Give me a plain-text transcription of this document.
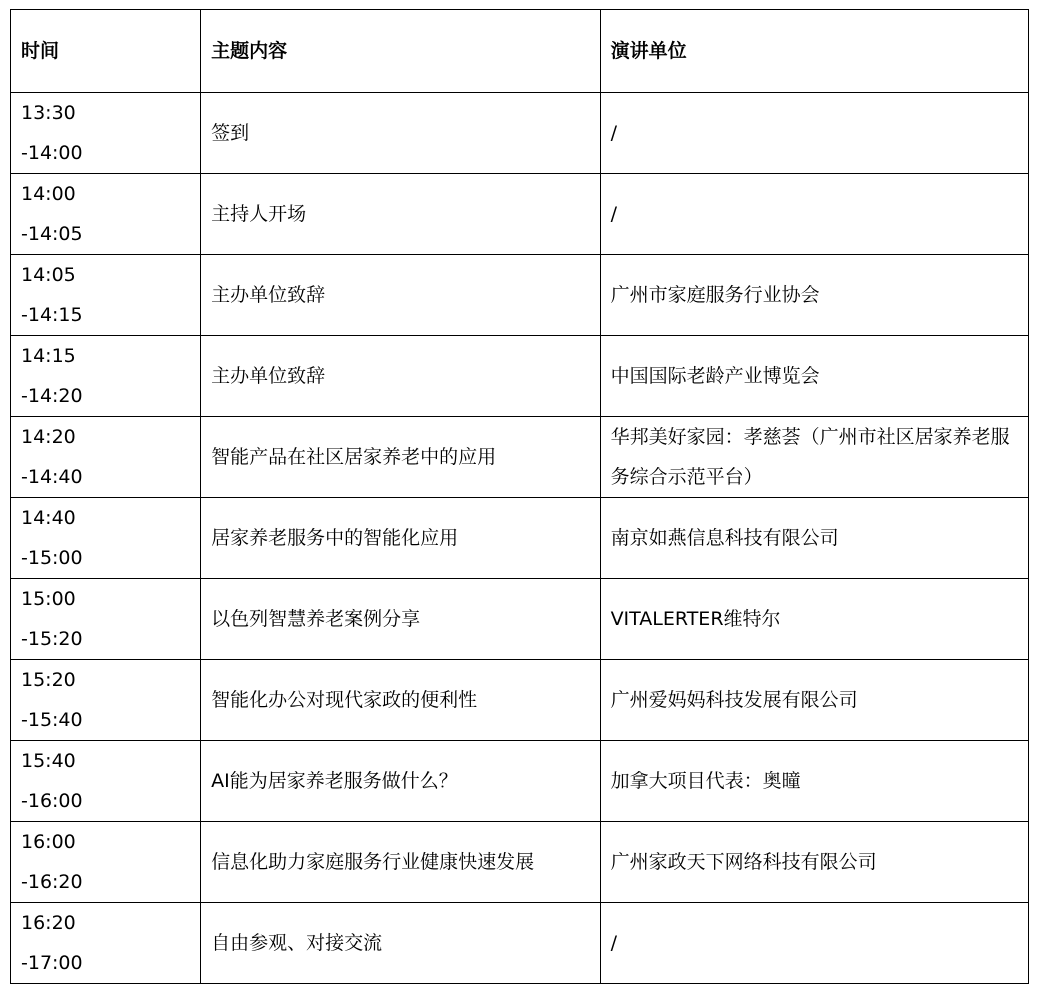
时间	主题内容	演讲单位

13:30
-14:00	签到	/

14:00
-14:05	主持人开场	/

14:05
-14:15	主办单位致辞	广州市家庭服务行业协会

14:15
-14:20	主办单位致辞	中国国际老龄产业博览会

14:20
-14:40	智能产品在社区居家养老中的应用	华邦美好家园：孝慈荟（广州市社区居家养老服务综合示范平台）

14:40
-15:00	居家养老服务中的智能化应用	南京如燕信息科技有限公司

15:00
-15:20	以色列智慧养老案例分享	VITALERTER维特尔

15:20
-15:40	智能化办公对现代家政的便利性	广州爱妈妈科技发展有限公司

15:40
-16:00	AI能为居家养老服务做什么？	加拿大项目代表：奥曈

16:00
-16:20	信息化助力家庭服务行业健康快速发展	广州家政天下网络科技有限公司

16:20
-17:00	自由参观、对接交流	/
